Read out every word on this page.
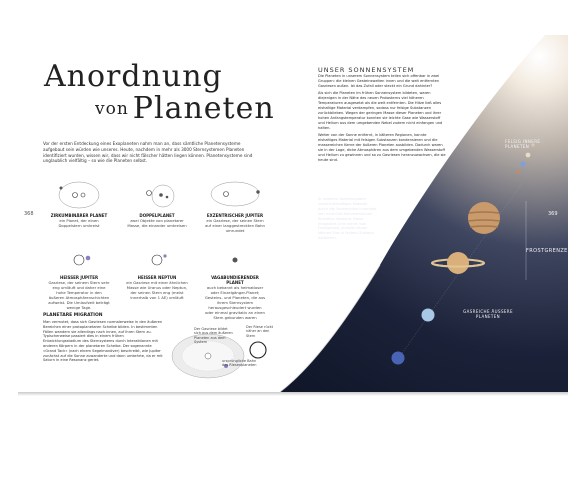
Anordnung
von Planeten
Vor der ersten Entdeckung eines Exoplaneten nahm man an, dass sämtliche Planetensysteme aufgebaut sein würden wie unseres. Heute, nachdem in mehr als 3000 Sternsystemen Planeten identifiziert wurden, wissen wir, dass wir nicht fälscher hätten liegen können. Planetensysteme sind unglaublich vielfältig – so wie die Planeten selbst.
368	ZIRKUMBINÄRER PLANET
ein Planet, der einen Doppelstern umkreist
DOPPELPLANET
zwei Objekte von planetarer Masse, die einander umkreisen
EXZENTRISCHER JUPITER
ein Gasriese, der seinen Stern auf einer langgestreckten Bahn umrundet
HEISSER JUPITER
Gasriese, der seinem Stern sehr eng umläuft und daher eine hohe Temperatur in den äußeren Atmosphärenschichten aufweist. Die Umlaufzeit beträgt wenige Tage.
HEISSER NEPTUN
ein Gasriese mit einer ähnlichen Masse wie Uranus oder Neptun, der seinen Stern eng (meist innerhalb von 1 AE) umläuft
VAGABUNDIERENDER PLANET
auch bekannt als heimatloser oder Einzelgänger-Planet; Gesteins- und Planeten, die aus ihrem Sternsystem herausgeschleudert wurden oder einmal gravitativ an einen Stern gebunden waren
PLANETARE MIGRATION
Man vermutet, dass sich Gasriesen normalerweise in den äußeren Bereichen einer protoplanetaren Scheibe bilden. In bestimmten Fällen wandern sie allerdings nach innen, auf ihren Stern zu. Typischerweise passiert dies in einem frühen Entwicklungsstadium des Sternsystems durch Interaktionen mit anderen Körpern in der planetaren Scheibe. Der sogenannte »Grand Tack« (nach einem Segelmanöver) beschreibt, wie Jupiter zunächst auf die Sonne zuwanderte und dann umkehrte, da er mit Saturn in eine Resonanz geriet.
Der Gasriese bildet sich aus dem äußeren Planeten aus dem System
ursprüngliche Bahn des Riesenplaneten
Der Riese rückt näher an den Stern
UNSER SONNENSYSTEM

Die Planeten in unserem Sonnensystem teilen sich offenbar in zwei Gruppen: die kleinen Gesteinswelten innen und die weit entfernten Gasriesen außen. Ist das Zufall oder steckt ein Grund dahinter?

Als sich die Planeten im frühen Sonnensystem bildeten, waren diejenigen in der Nähe des neuen Protosterns viel höheren Temperaturen ausgesetzt als die weit entfernten. Die Hitze ließ alles eishaltige Material verdampfen, sodass nur felsige Substanzen zurückblieben. Wegen der geringen Masse dieser Planeten und ihrer hohen Anfangstemperatur konnten sie leichte Gase wie Wasserstoff und Helium aus dem umgebenden Nebel zudem nicht einfangen und halten.

Weiter von der Sonne entfernt, in kälteren Regionen, konnte eishaltiges Material mit felsigen Substanzen kondensieren und die massereichen Kerne der äußeren Planeten ausbilden. Dadurch waren sie in der Lage, dicke Atmosphären aus dem umgebenden Wasserstoff und Helium zu gewinnen und so zu Gasriesen heranzuwachsen, die sie heute sind.

In unserem Sonnensystem scheint eishaltiges Material durch die Sonnenhitze innerhalb von rund fünf Astronomischen Einheiten Abstand. Diese imaginäre Linie nennt man Frostgrenze, jenseits davon können Eise in festem Zustand existieren.
FELSIG INNERE PLANETEN
FROSTGRENZE
GASREICHE ÄUSSERE PLANETEN
369
